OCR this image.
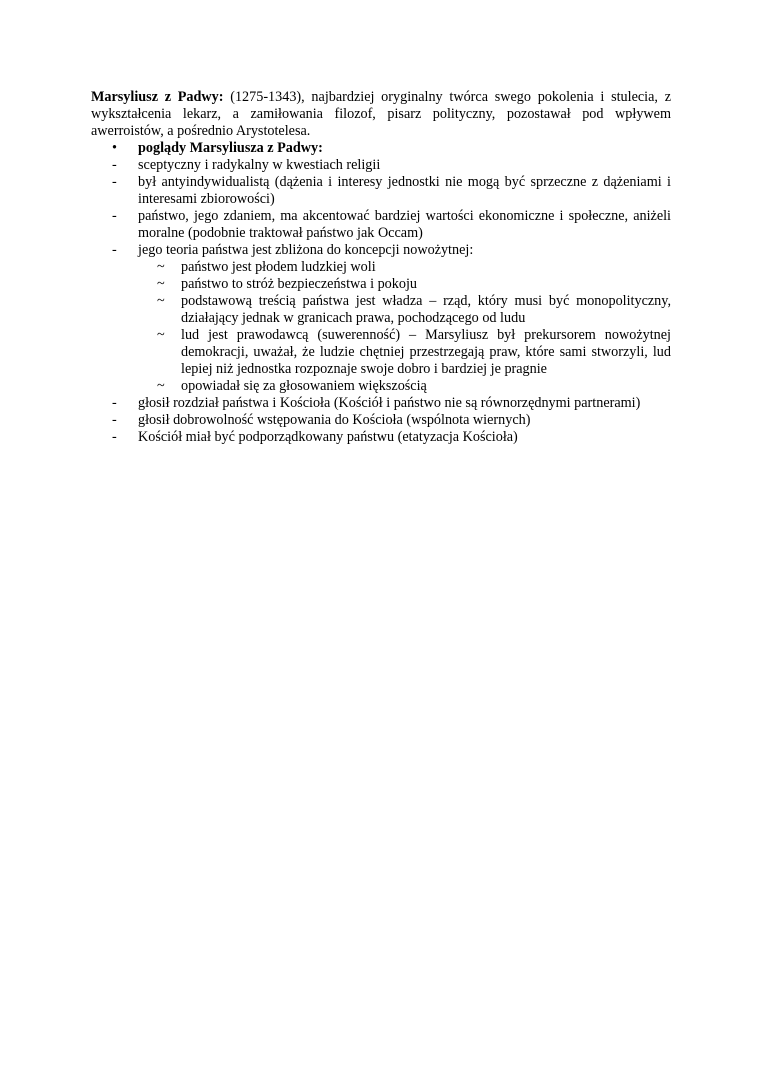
Marsyliusz z Padwy: (1275-1343), najbardziej oryginalny twórca swego pokolenia i stulecia, z wykształcenia lekarz, a zamiłowania filozof, pisarz polityczny, pozostawał pod wpływem awerroistów, a pośrednio Arystotelesa.

• poglądy Marsyliusza z Padwy:
- sceptyczny i radykalny w kwestiach religii
- był antyindywidualistą (dążenia i interesy jednostki nie mogą być sprzeczne z dążeniami i interesami zbiorowości)
- państwo, jego zdaniem, ma akcentować bardziej wartości ekonomiczne i społeczne, aniżeli moralne (podobnie traktował państwo jak Occam)
- jego teoria państwa jest zbliżona do koncepcji nowożytnej:
~ państwo jest płodem ludzkiej woli
~ państwo to stróż bezpieczeństwa i pokoju
~ podstawową treścią państwa jest władza – rząd, który musi być monopolityczny, działający jednak w granicach prawa, pochodzącego od ludu
~ lud jest prawodawcą (suwerenność) – Marsyliusz był prekursorem nowożytnej demokracji, uważał, że ludzie chętniej przestrzegają praw, które sami stworzyli, lud lepiej niż jednostka rozpoznaje swoje dobro i bardziej je pragnie
~ opowiadał się za głosowaniem większością
- głosił rozdział państwa i Kościoła (Kościół i państwo nie są równorzędnymi partnerami)
- głosił dobrowolność wstępowania do Kościoła (wspólnota wiernych)
- Kościół miał być podporządkowany państwu (etatyzacja Kościoła)
